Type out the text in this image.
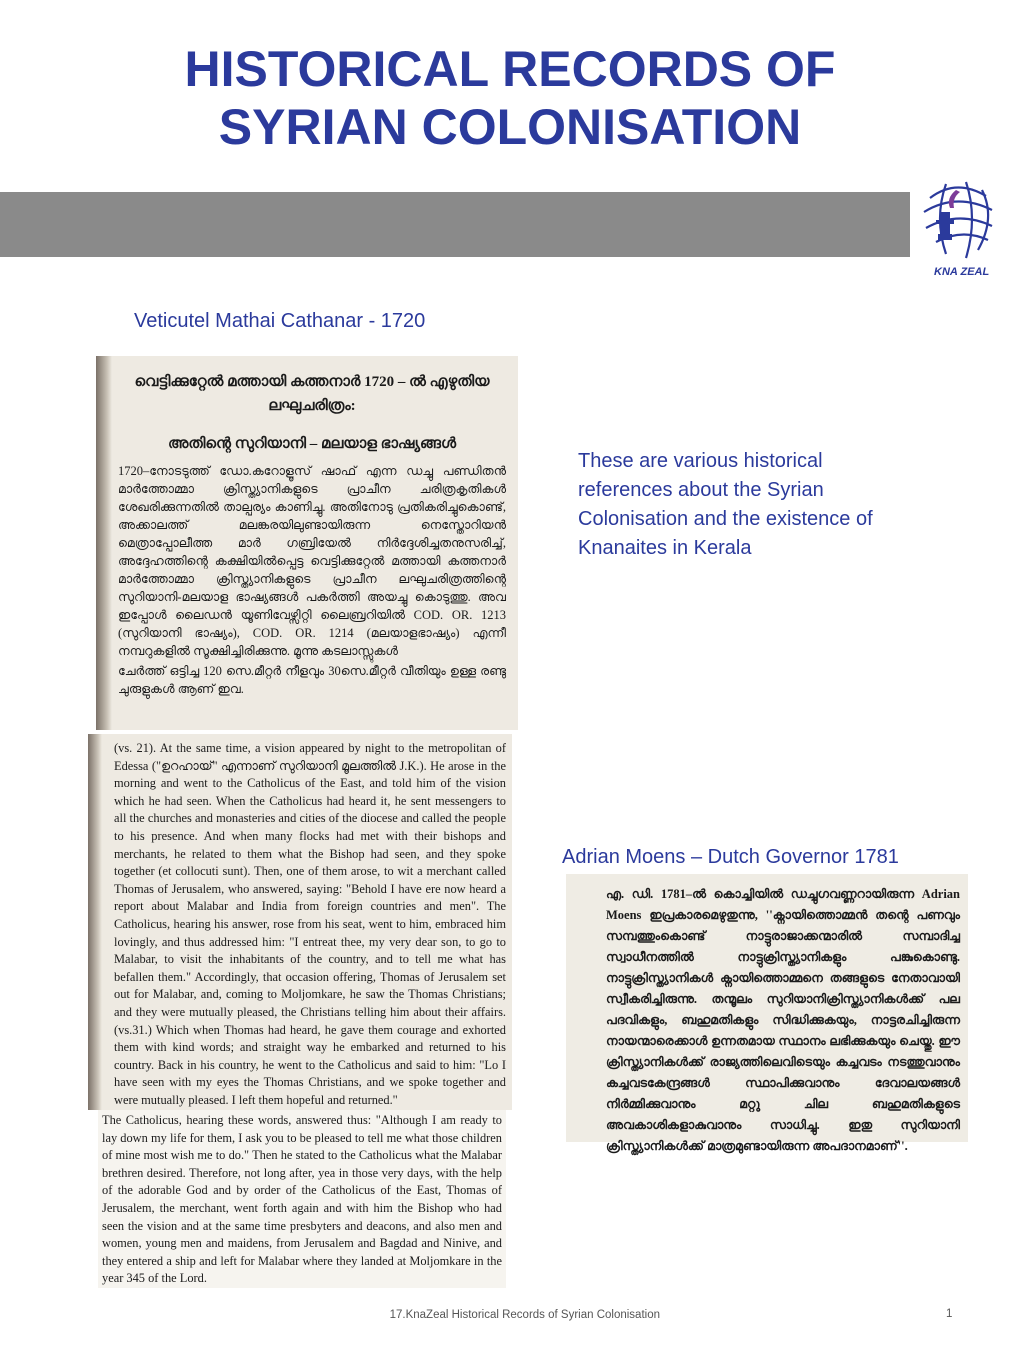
HISTORICAL RECORDS OF
SYRIAN COLONISATION
KNA ZEAL
Veticutel Mathai Cathanar - 1720

വെട്ടിക്കുറ്റേൽ മത്തായി കത്തനാർ 1720 – ൽ എഴുതിയ

ലഘുചരിത്രം:

അതിന്റെ സുറിയാനി – മലയാള ഭാഷ്യങ്ങൾ

1720–നോടടുത്ത് ഡോ.കറോളൂസ് ഷാഫ് എന്ന ഡച്ചു പണ്ഡിതൻ മാർത്തോമ്മാ ക്രിസ്ത്യാനികളുടെ പ്രാചീന ചരിത്രകൃതികൾ ശേഖരിക്കുന്നതിൽ താല്പര്യം കാണിച്ചു. അതിനോടു പ്രതികരിച്ചുകൊണ്ട്, അക്കാലത്ത് മലങ്കരയിലുണ്ടായിരുന്ന നെസ്തോറിയൻ മെത്രാപ്പോലീത്ത മാർ ഗബ്രിയേൽ നിർദ്ദേശിച്ചതനുസരിച്ച്, അദ്ദേഹത്തിന്റെ കക്ഷിയിൽപ്പെട്ട വെട്ടിക്കുറ്റേൽ മത്തായി കത്തനാർ മാർത്തോമ്മാ ക്രിസ്ത്യാനികളുടെ പ്രാചീന ലഘുചരിത്രത്തിന്റെ സുറിയാനി-മലയാള ഭാഷ്യങ്ങൾ പകർത്തി അയച്ചു കൊടുത്തു. അവ ഇപ്പോൾ ലൈഡൻ യൂണിവേഴ്സിറ്റി ലൈബ്രറിയിൽ COD. OR. 1213 (സുറിയാനി ഭാഷ്യം), COD. OR. 1214 (മലയാളഭാഷ്യം) എന്നീ നമ്പറുകളിൽ സൂക്ഷിച്ചിരിക്കുന്നു. മൂന്നു കടലാസ്സുകൾ

ചേർത്ത് ഒട്ടിച്ച 120 സെ.മീറ്റർ നീളവും 30സെ.മീറ്റർ വീതിയും ഉള്ള രണ്ടു ചുരുളുകൾ ആണ് ഇവ.

(vs. 21). At the same time, a vision appeared by night to the metropolitan of Edessa ("ഉറഹായ്" എന്നാണ് സുറിയാനി മൂലത്തിൽ J.K.). He arose in the morning and went to the Catholicus of the East, and told him of the vision which he had seen. When the Catholicus had heard it, he sent messengers to all the churches and monasteries and cities of the diocese and called the people to his presence. And when many flocks had met with their bishops and merchants, he related to them what the Bishop had seen, and they spoke together (et collocuti sunt). Then, one of them arose, to wit a merchant called Thomas of Jerusalem, who answered, saying: "Behold I have ere now heard a report about Malabar and India from foreign countries and men". The Catholicus, hearing his answer, rose from his seat, went to him, embraced him lovingly, and thus addressed him: "I entreat thee, my very dear son, to go to Malabar, to visit the inhabitants of the country, and to tell me what has befallen them." Accordingly, that occasion offering, Thomas of Jerusalem set out for Malabar, and, coming to Moljomkare, he saw the Thomas Christians; and they were mutually pleased, the Christians telling him about their affairs. (vs.31.) Which when Thomas had heard, he gave them courage and exhorted them with kind words; and straight way he embarked and returned to his country. Back in his country, he went to the Catholicus and said to him: "Lo I have seen with my eyes the Thomas Christians, and we spoke together and were mutually pleased. I left them hopeful and returned."

The Catholicus, hearing these words, answered thus: "Although I am ready to lay down my life for them, I ask you to be pleased to tell me what those children of mine most wish me to do." Then he stated to the Catholicus what the Malabar brethren desired. Therefore, not long after, yea in those very days, with the help of the adorable God and by order of the Catholicus of the East, Thomas of Jerusalem, the merchant, went forth again and with him the Bishop who had seen the vision and at the same time presbyters and deacons, and also men and women, young men and maidens, from Jerusalem and Bagdad and Ninive, and they entered a ship and left for Malabar where they landed at Moljomkare in the year 345 of the Lord.

These are various historical references about the Syrian Colonisation and the existence of Knanaites in Kerala
Adrian Moens – Dutch Governor 1781

എ. ഡി. 1781–ൽ കൊച്ചിയിൽ ഡച്ചുഗവണ്ണറായിരുന്ന Adrian Moens ഇപ്രകാരമെഴുതുന്നു, ''ക്നായിത്തൊമ്മൻ തന്റെ പണവും സമ്പത്തുംകൊണ്ട് നാട്ടുരാജാക്കന്മാരിൽ സമ്പാദിച്ച സ്വാധീനത്തിൽ നാട്ടുക്രിസ്ത്യാനികളും പങ്കുകൊണ്ടു. നാട്ടുക്രിസ്ത്യാനികൾ ക്നായിത്തൊമ്മനെ തങ്ങളുടെ നേതാവായി സ്വീകരിച്ചിരുന്നു. തന്മൂലം സുറിയാനിക്രിസ്ത്യാനികൾക്ക് പല പദവികളും, ബഹുമതികളും സിദ്ധിക്കുകയും, നാട്ടരചിച്ചിരുന്ന നായന്മാരെക്കാൾ ഉന്നതമായ സ്ഥാനം ലഭിക്കുകയും ചെയ്തു. ഈ ക്രിസ്ത്യാനികൾക്ക് രാജ്യത്തിലെവിടെയും കച്ചവടം നടത്തുവാനും കച്ചവടകേന്ദ്രങ്ങൾ സ്ഥാപിക്കുവാനും ദേവാലയങ്ങൾ നിർമ്മിക്കുവാനും മറ്റു ചില ബഹുമതികളുടെ അവകാശികളാകുവാനും സാധിച്ചു. ഇതു സുറിയാനി ക്രിസ്ത്യാനികൾക്ക് മാത്രമുണ്ടായിരുന്ന അപദാനമാണ്''.

17.KnaZeal Historical Records of Syrian Colonisation	1
